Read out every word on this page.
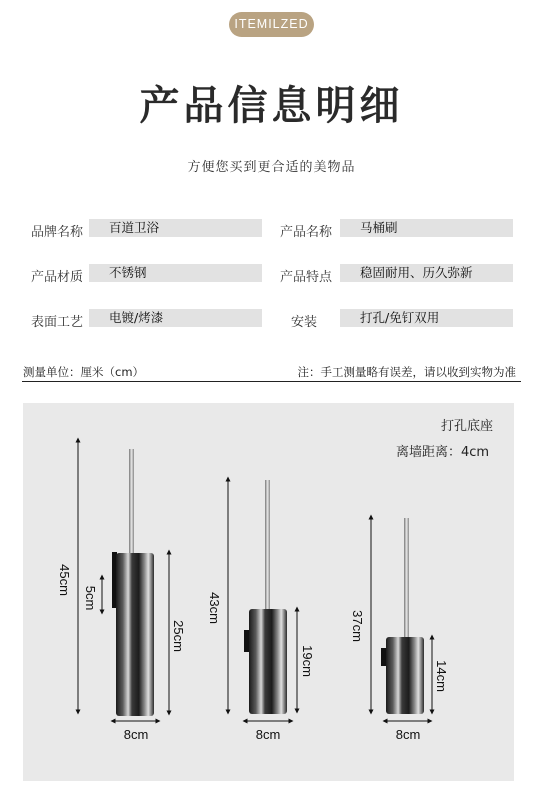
ITEMILZED
产品信息明细
方便您买到更合适的美物品
品牌名称	百道卫浴	产品名称	马桶刷
产品材质	不锈钢	产品特点	稳固耐用、历久弥新
表面工艺	电镀/烤漆	安装	打孔/免钉双用
测量单位：厘米（cm）	注：手工测量略有误差，请以收到实物为准
打孔底座
离墙距离：4cm
45cm
5cm
25cm
8cm
43cm
19cm
8cm
37cm
14cm
8cm
